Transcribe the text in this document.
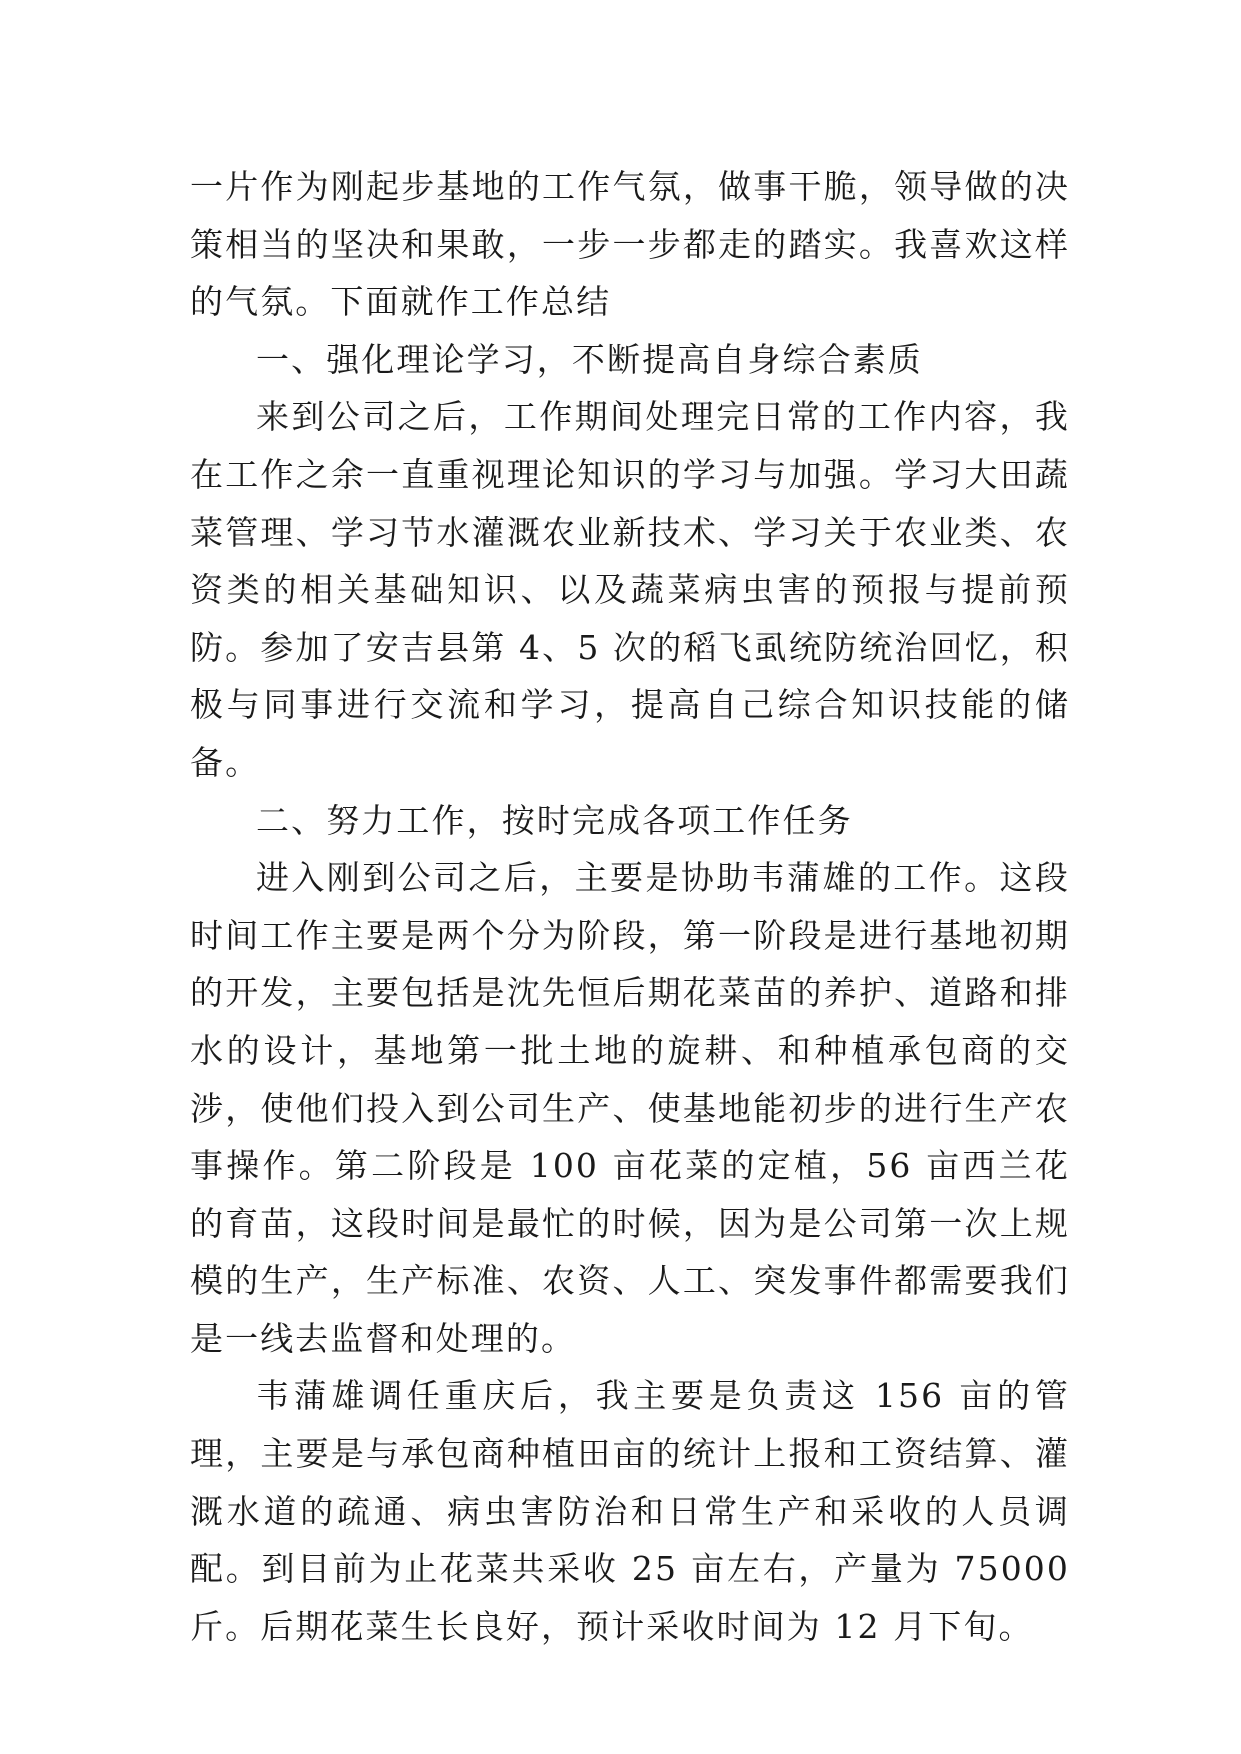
一片作为刚起步基地的工作气氛，做事干脆，领导做的决策相当的坚决和果敢，一步一步都走的踏实。我喜欢这样的气氛。下面就作工作总结

一、强化理论学习，不断提高自身综合素质

来到公司之后，工作期间处理完日常的工作内容，我在工作之余一直重视理论知识的学习与加强。学习大田蔬菜管理、学习节水灌溉农业新技术、学习关于农业类、农资类的相关基础知识、以及蔬菜病虫害的预报与提前预防。参加了安吉县第 4、5 次的稻飞虱统防统治回忆，积极与同事进行交流和学习，提高自己综合知识技能的储备。

二、努力工作，按时完成各项工作任务

进入刚到公司之后，主要是协助韦蒲雄的工作。这段时间工作主要是两个分为阶段，第一阶段是进行基地初期的开发，主要包括是沈先恒后期花菜苗的养护、道路和排水的设计，基地第一批土地的旋耕、和种植承包商的交涉，使他们投入到公司生产、使基地能初步的进行生产农事操作。第二阶段是 100 亩花菜的定植，56 亩西兰花的育苗，这段时间是最忙的时候，因为是公司第一次上规模的生产，生产标准、农资、人工、突发事件都需要我们是一线去监督和处理的。

韦蒲雄调任重庆后，我主要是负责这 156 亩的管理，主要是与承包商种植田亩的统计上报和工资结算、灌溉水道的疏通、病虫害防治和日常生产和采收的人员调配。到目前为止花菜共采收 25 亩左右，产量为 75000 斤。后期花菜生长良好，预计采收时间为 12 月下旬。
